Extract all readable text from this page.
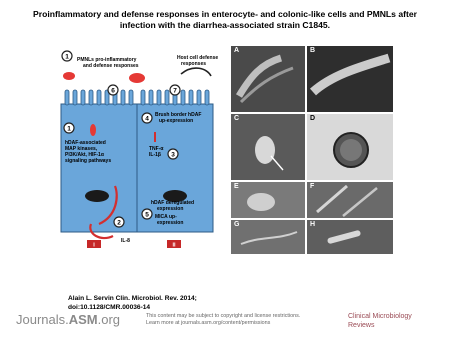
Proinflammatory and defense responses in enterocyte- and colonic-like cells and PMNLs after
infection with the diarrhea-associated strain C1845.
1
6	7
1
4
3
5
2
PMNLs pro-inflammatory
and defense responses
Host cell defense
responses
Brush border hDAF
up-expression
hDAF-associated
MAP kinases,
PI3K/Akt, HIF-1α
signaling pathways
TNF-α
IL-1β
hDAF deregulated
expression
MICA up-
expression
IL-8
I	II
A	B
C	D
E	F
G	H
Alain L. Servin Clin. Microbiol. Rev. 2014;
doi:10.1128/CMR.00036-14
Journals.ASM.org	This content may be subject to copyright and license restrictions.
Learn more at journals.asm.org/content/permissions
Clinical Microbiology
Reviews
